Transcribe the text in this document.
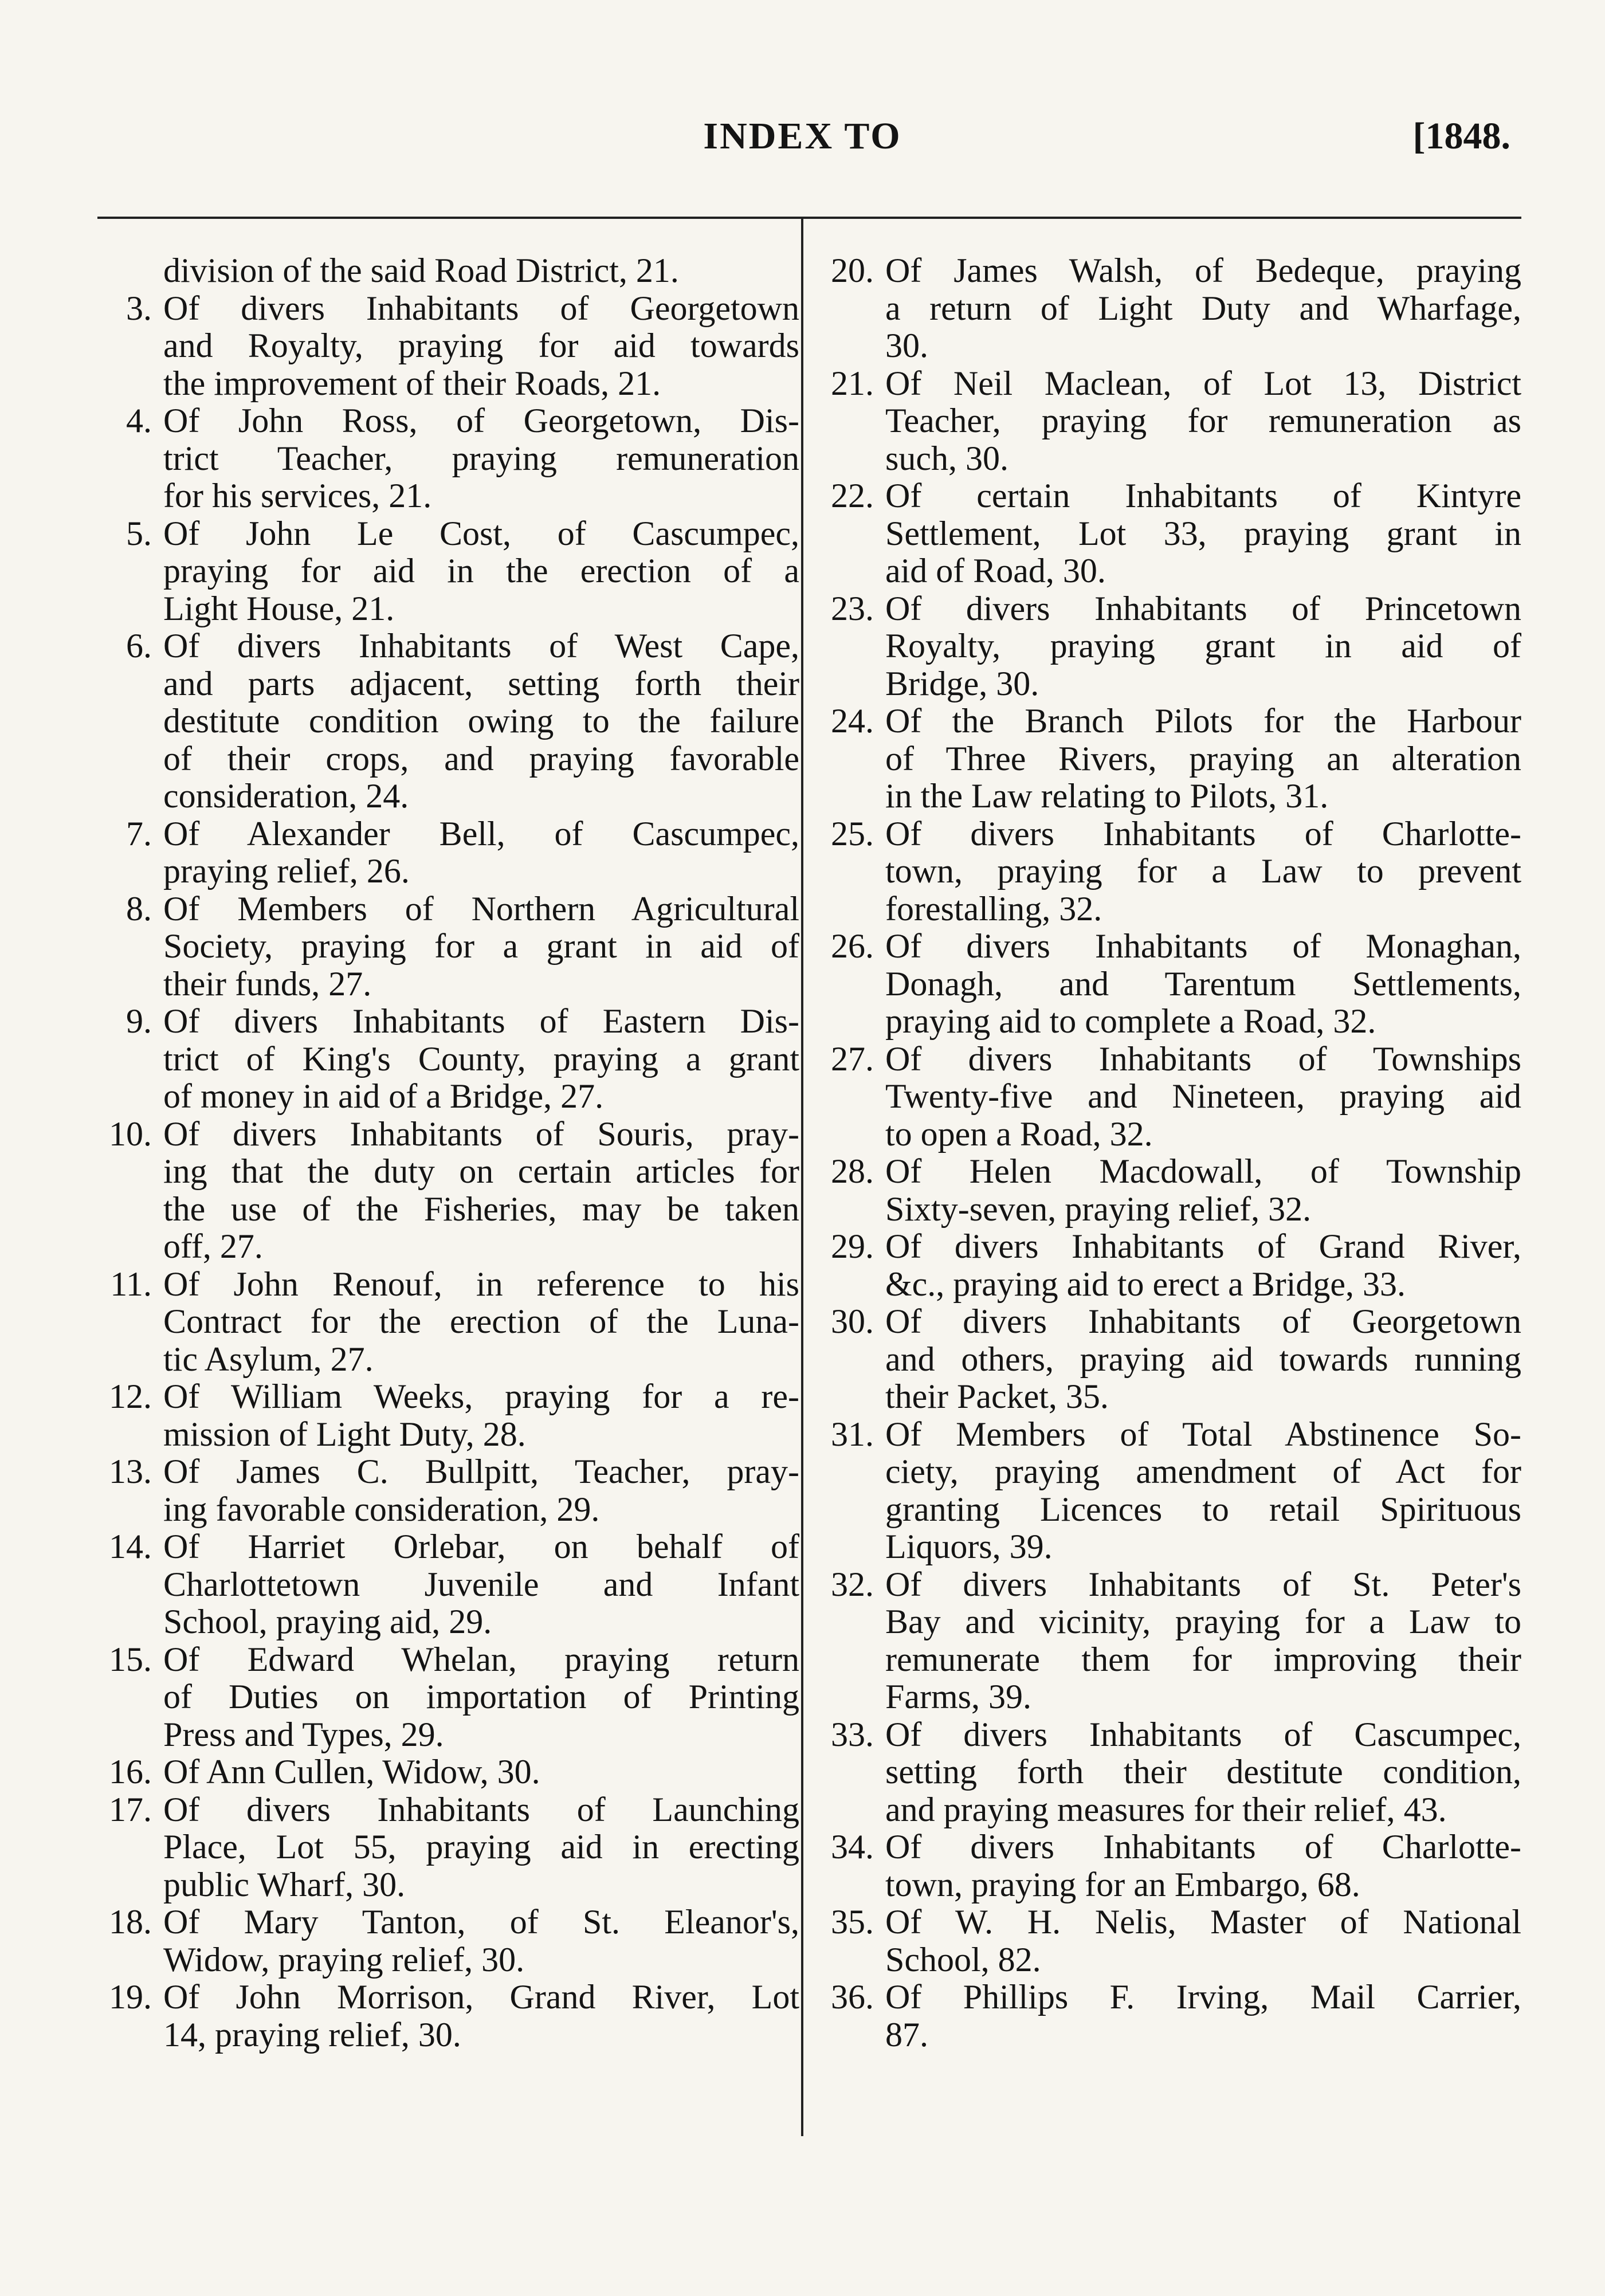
INDEX TO	[1848.
division of the said Road District, 21.
3. Of divers Inhabitants of Georgetown
and Royalty, praying for aid towards
the improvement of their Roads, 21.
4. Of John Ross, of Georgetown, Dis-
trict Teacher, praying remuneration
for his services, 21.
5. Of John Le Cost, of Cascumpec,
praying for aid in the erection of a
Light House, 21.
6. Of divers Inhabitants of West Cape,
and parts adjacent, setting forth their
destitute condition owing to the failure
of their crops, and praying favorable
consideration, 24.
7. Of Alexander Bell, of Cascumpec,
praying relief, 26.
8. Of Members of Northern Agricultural
Society, praying for a grant in aid of
their funds, 27.
9. Of divers Inhabitants of Eastern Dis-
trict of King's County, praying a grant
of money in aid of a Bridge, 27.
10. Of divers Inhabitants of Souris, pray-
ing that the duty on certain articles for
the use of the Fisheries, may be taken
off, 27.
11. Of John Renouf, in reference to his
Contract for the erection of the Luna-
tic Asylum, 27.
12. Of William Weeks, praying for a re-
mission of Light Duty, 28.
13. Of James C. Bullpitt, Teacher, pray-
ing favorable consideration, 29.
14. Of Harriet Orlebar, on behalf of
Charlottetown Juvenile and Infant
School, praying aid, 29.
15. Of Edward Whelan, praying return
of Duties on importation of Printing
Press and Types, 29.
16. Of Ann Cullen, Widow, 30.
17. Of divers Inhabitants of Launching
Place, Lot 55, praying aid in erecting
public Wharf, 30.
18. Of Mary Tanton, of St. Eleanor's,
Widow, praying relief, 30.
19. Of John Morrison, Grand River, Lot
14, praying relief, 30.
20. Of James Walsh, of Bedeque, praying
a return of Light Duty and Wharfage,
30.
21. Of Neil Maclean, of Lot 13, District
Teacher, praying for remuneration as
such, 30.
22. Of certain Inhabitants of Kintyre
Settlement, Lot 33, praying grant in
aid of Road, 30.
23. Of divers Inhabitants of Princetown
Royalty, praying grant in aid of
Bridge, 30.
24. Of the Branch Pilots for the Harbour
of Three Rivers, praying an alteration
in the Law relating to Pilots, 31.
25. Of divers Inhabitants of Charlotte-
town, praying for a Law to prevent
forestalling, 32.
26. Of divers Inhabitants of Monaghan,
Donagh, and Tarentum Settlements,
praying aid to complete a Road, 32.
27. Of divers Inhabitants of Townships
Twenty-five and Nineteen, praying aid
to open a Road, 32.
28. Of Helen Macdowall, of Township
Sixty-seven, praying relief, 32.
29. Of divers Inhabitants of Grand River,
&c., praying aid to erect a Bridge, 33.
30. Of divers Inhabitants of Georgetown
and others, praying aid towards running
their Packet, 35.
31. Of Members of Total Abstinence So-
ciety, praying amendment of Act for
granting Licences to retail Spirituous
Liquors, 39.
32. Of divers Inhabitants of St. Peter's
Bay and vicinity, praying for a Law to
remunerate them for improving their
Farms, 39.
33. Of divers Inhabitants of Cascumpec,
setting forth their destitute condition,
and praying measures for their relief, 43.
34. Of divers Inhabitants of Charlotte-
town, praying for an Embargo, 68.
35. Of W. H. Nelis, Master of National
School, 82.
36. Of Phillips F. Irving, Mail Carrier,
87.
